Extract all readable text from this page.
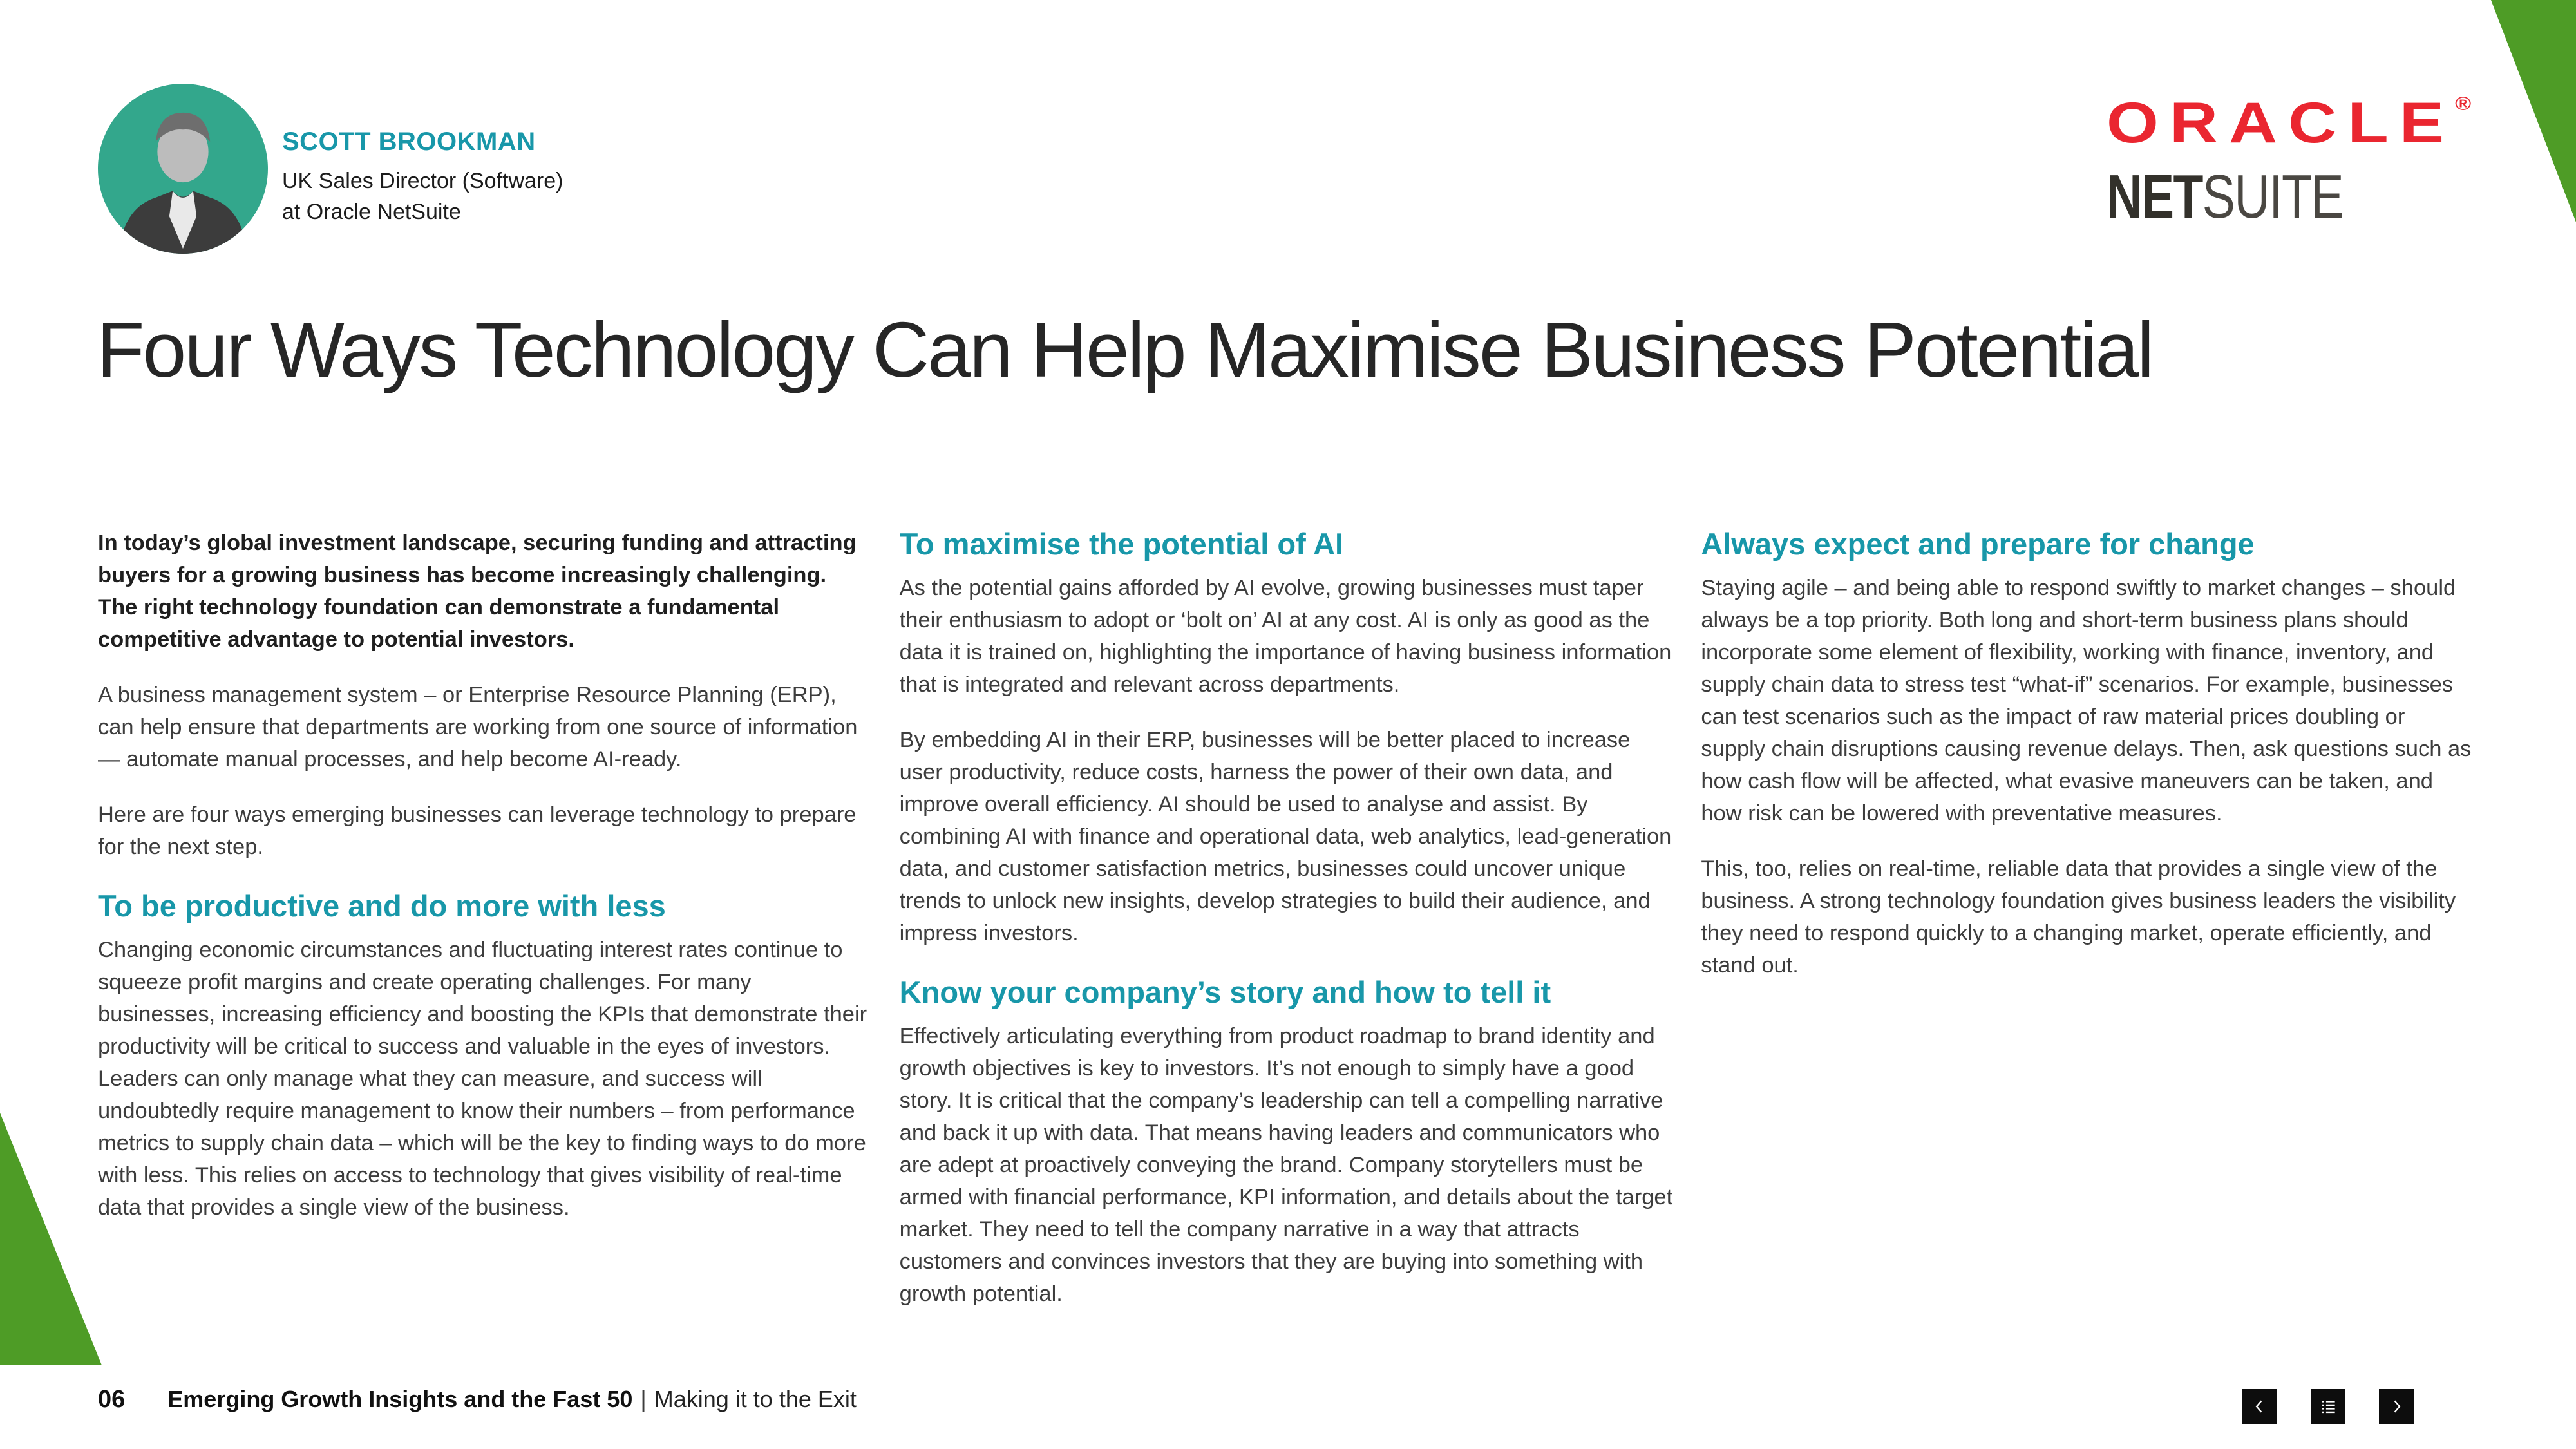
SCOTT BROOKMAN
UK Sales Director (Software)
at Oracle NetSuite
ORACLE®
NETSUITE
Four Ways Technology Can Help Maximise Business Potential

In today’s global investment landscape, securing funding and attracting buyers for a growing business has become increasingly challenging. The right technology foundation can demonstrate a fundamental competitive advantage to potential investors.

A business management system – or Enterprise Resource Planning (ERP), can help ensure that departments are working from one source of information— automate manual processes, and help become AI-ready.

Here are four ways emerging businesses can leverage technology to prepare for the next step.

To be productive and do more with less

Changing economic circumstances and fluctuating interest rates continue to squeeze profit margins and create operating challenges. For many businesses, increasing efficiency and boosting the KPIs that demonstrate their productivity will be critical to success and valuable in the eyes of investors. Leaders can only manage what they can measure, and success will undoubtedly require management to know their numbers – from performance metrics to supply chain data – which will be the key to finding ways to do more with less. This relies on access to technology that gives visibility of real-time data that provides a single view of the business.

To maximise the potential of AI

As the potential gains afforded by AI evolve, growing businesses must taper their enthusiasm to adopt or ‘bolt on’ AI at any cost. AI is only as good as the data it is trained on, highlighting the importance of having business information that is integrated and relevant across departments.

By embedding AI in their ERP, businesses will be better placed to increase user productivity, reduce costs, harness the power of their own data, and improve overall efficiency. AI should be used to analyse and assist. By combining AI with finance and operational data, web analytics, lead-generation data, and customer satisfaction metrics, businesses could uncover unique trends to unlock new insights, develop strategies to build their audience, and impress investors.

Know your company’s story and how to tell it

Effectively articulating everything from product roadmap to brand identity and growth objectives is key to investors. It’s not enough to simply have a good story. It is critical that the company’s leadership can tell a compelling narrative and back it up with data. That means having leaders and communicators who are adept at proactively conveying the brand. Company storytellers must be armed with financial performance, KPI information, and details about the target market. They need to tell the company narrative in a way that attracts customers and convinces investors that they are buying into something with growth potential.

Always expect and prepare for change

Staying agile – and being able to respond swiftly to market changes – should always be a top priority. Both long and short-term business plans should incorporate some element of flexibility, working with finance, inventory, and supply chain data to stress test “what-if” scenarios. For example, businesses can test scenarios such as the impact of raw material prices doubling or supply chain disruptions causing revenue delays. Then, ask questions such as how cash flow will be affected, what evasive maneuvers can be taken, and how risk can be lowered with preventative measures.

This, too, relies on real-time, reliable data that provides a single view of the business. A strong technology foundation gives business leaders the visibility they need to respond quickly to a changing market, operate efficiently, and stand out.

06 Emerging Growth Insights and the Fast 50 | Making it to the Exit
